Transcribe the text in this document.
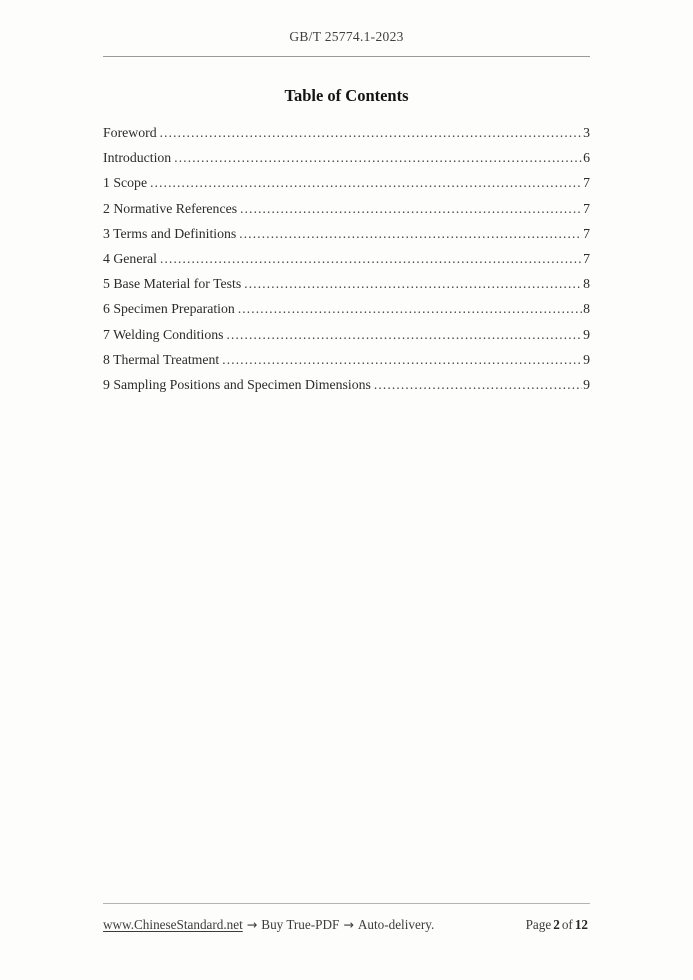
GB/T 25774.1-2023
Table of Contents
Foreword .....	3
Introduction .....	6
1 Scope .....	7
2 Normative References .....	7
3 Terms and Definitions .....	7
4 General .....	7
5 Base Material for Tests .....	8
6 Specimen Preparation .....	8
7 Welding Conditions .....	9
8 Thermal Treatment .....	9
9 Sampling Positions and Specimen Dimensions .....	9
www.ChineseStandard.net → Buy True-PDF → Auto-delivery.	Page 2 of 12
